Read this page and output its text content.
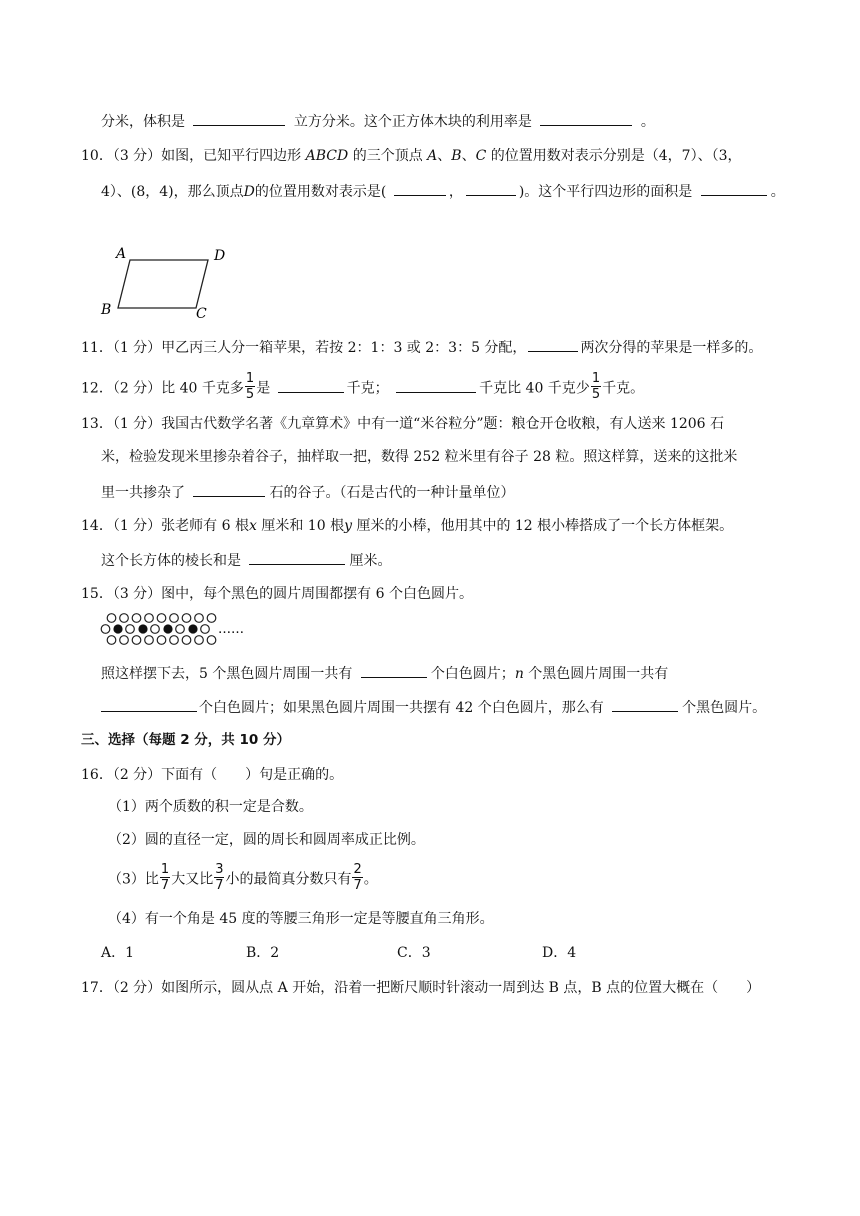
分米，体积是	立方分米。这个正方体木块的利用率是	。
10．（3 分）如图，已知平行四边形 ABCD 的三个顶点 A、B、C 的位置用数对表示分别是（4，7）、（3，
4）、(8，4)，那么顶点D的位置用数对表示是(	，	)。这个平行四边形的面积是	。
A	D
B	C
11．（1 分）甲乙丙三人分一箱苹果，若按 2：1：3 或 2：3：5 分配，	两次分得的苹果是一样多的。
12．（2 分）比 40 千克多 $\frac{1}{5}$ 是	千克；	千克比 40 千克少 $\frac{1}{5}$ 千克。
13．（1 分）我国古代数学名著《九章算术》中有一道“米谷粒分”题：粮仓开仓收粮，有人送来 1206 石
米，检验发现米里掺杂着谷子，抽样取一把，数得 252 粒米里有谷子 28 粒。照这样算，送来的这批米
里一共掺杂了	石的谷子。（石是古代的一种计量单位）
14．（1 分）张老师有 6 根x 厘米和 10 根y 厘米的小棒，他用其中的 12 根小棒搭成了一个长方体框架。
这个长方体的棱长和是	厘米。
15．（3 分）图中，每个黑色的圆片周围都摆有 6 个白色圆片。
……
照这样摆下去，5 个黑色圆片周围一共有	个白色圆片；n 个黑色圆片周围一共有
个白色圆片；如果黑色圆片周围一共摆有 42 个白色圆片，那么有	个黑色圆片。
三、选择（每题 2 分，共 10 分）
16．（2 分）下面有（　　）句是正确的。
（1）两个质数的积一定是合数。
（2）圆的直径一定，圆的周长和圆周率成正比例。
（3）比 $\frac{1}{7}$ 大又比 $\frac{3}{7}$ 小的最简真分数只有 $\frac{2}{7}$ 。
（4）有一个角是 45 度的等腰三角形一定是等腰直角三角形。
A．1	B．2	C．3	D．4
17．（2 分）如图所示，圆从点 A 开始，沿着一把断尺顺时针滚动一周到达 B 点，B 点的位置大概在（　　）
